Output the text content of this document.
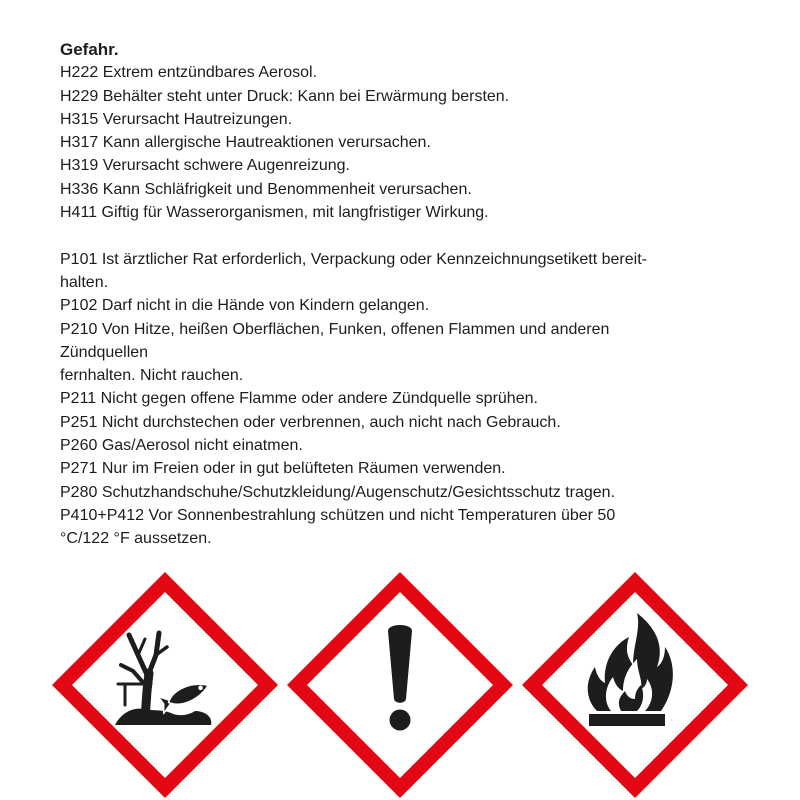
Gefahr.
H222 Extrem entzündbares Aerosol.
H229 Behälter steht unter Druck: Kann bei Erwärmung bersten.
H315 Verursacht Hautreizungen.
H317 Kann allergische Hautreaktionen verursachen.
H319 Verursacht schwere Augenreizung.
H336 Kann Schläfrigkeit und Benommenheit verursachen.
H411 Giftig für Wasserorganismen, mit langfristiger Wirkung.
P101 Ist ärztlicher Rat erforderlich, Verpackung oder Kennzeichnungsetikett bereit-
halten.
P102 Darf nicht in die Hände von Kindern gelangen.
P210 Von Hitze, heißen Oberflächen, Funken, offenen Flammen und anderen
Zündquellen
fernhalten. Nicht rauchen.
P211 Nicht gegen offene Flamme oder andere Zündquelle sprühen.
P251 Nicht durchstechen oder verbrennen, auch nicht nach Gebrauch.
P260 Gas/Aerosol nicht einatmen.
P271 Nur im Freien oder in gut belüfteten Räumen verwenden.
P280 Schutzhandschuhe/Schutzkleidung/Augenschutz/Gesichtsschutz tragen.
P410+P412 Vor Sonnenbestrahlung schützen und nicht Temperaturen über 50
°C/122 °F aussetzen.
